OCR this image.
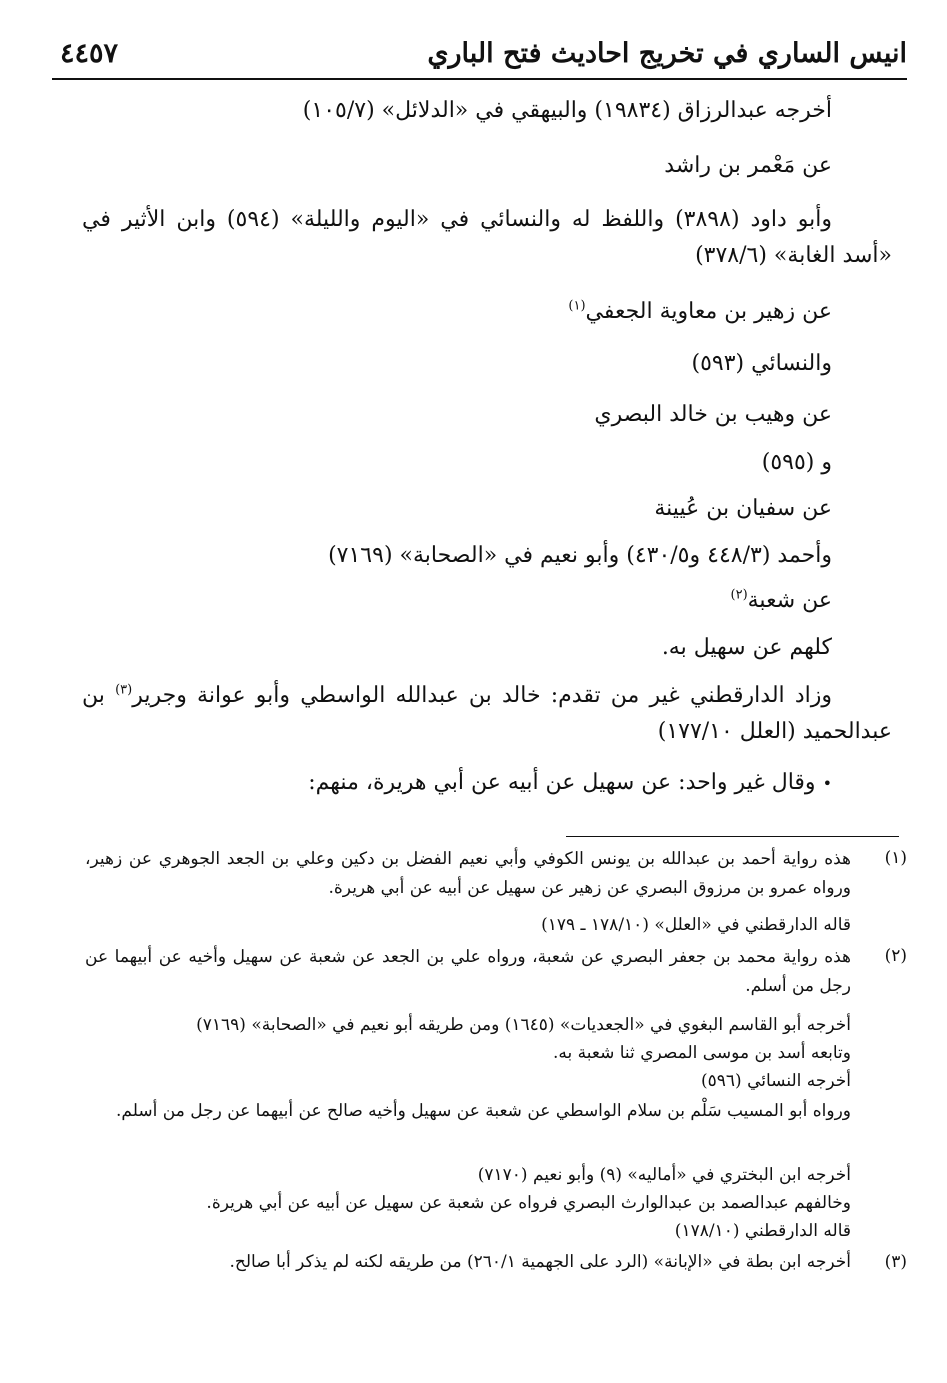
٤٤٥٧	انيس الساري في تخريج احاديث فتح الباري
أخرجه عبدالرزاق (١٩٨٣٤) والبيهقي في «الدلائل» (١٠٥/٧)
عن مَعْمر بن راشد
وأبو داود (٣٨٩٨) واللفظ له والنسائي في «اليوم والليلة» (٥٩٤) وابن الأثير في «أسد الغابة» (٣٧٨/٦)
عن زهير بن معاوية الجعفي$^{(١)}$
والنسائي (٥٩٣)
عن وهيب بن خالد البصري
و (٥٩٥)
عن سفيان بن عُيينة
وأحمد (٤٤٨/٣ و٤٣٠/٥) وأبو نعيم في «الصحابة» (٧١٦٩)
عن شعبة$^{(٢)}$
كلهم عن سهيل به.
وزاد الدارقطني غير من تقدم: خالد بن عبدالله الواسطي وأبو عوانة وجرير$^{(٣)}$ بن عبدالحميد (العلل ١٧٧/١٠)
• وقال غير واحد: عن سهيل عن أبيه عن أبي هريرة، منهم:
(١)
هذه رواية أحمد بن عبدالله بن يونس الكوفي وأبي نعيم الفضل بن دكين وعلي بن الجعد الجوهري عن زهير، ورواه عمرو بن مرزوق البصري عن زهير عن سهيل عن أبيه عن أبي هريرة.
قاله الدارقطني في «العلل» (١٧٨/١٠ ـ ١٧٩)
(٢)
هذه رواية محمد بن جعفر البصري عن شعبة، ورواه علي بن الجعد عن شعبة عن سهيل وأخيه عن أبيهما عن رجل من أسلم.
أخرجه أبو القاسم البغوي في «الجعديات» (١٦٤٥) ومن طريقه أبو نعيم في «الصحابة» (٧١٦٩)
وتابعه أسد بن موسى المصري ثنا شعبة به.
أخرجه النسائي (٥٩٦)
ورواه أبو المسيب سَلْم بن سلام الواسطي عن شعبة عن سهيل وأخيه صالح عن أبيهما عن رجل من أسلم.
أخرجه ابن البختري في «أماليه» (٩) وأبو نعيم (٧١٧٠)
وخالفهم عبدالصمد بن عبدالوارث البصري فرواه عن شعبة عن سهيل عن أبيه عن أبي هريرة.
قاله الدارقطني (١٧٨/١٠)
(٣)
أخرجه ابن بطة في «الإبانة» (الرد على الجهمية ٢٦٠/١) من طريقه لكنه لم يذكر أبا صالح.
